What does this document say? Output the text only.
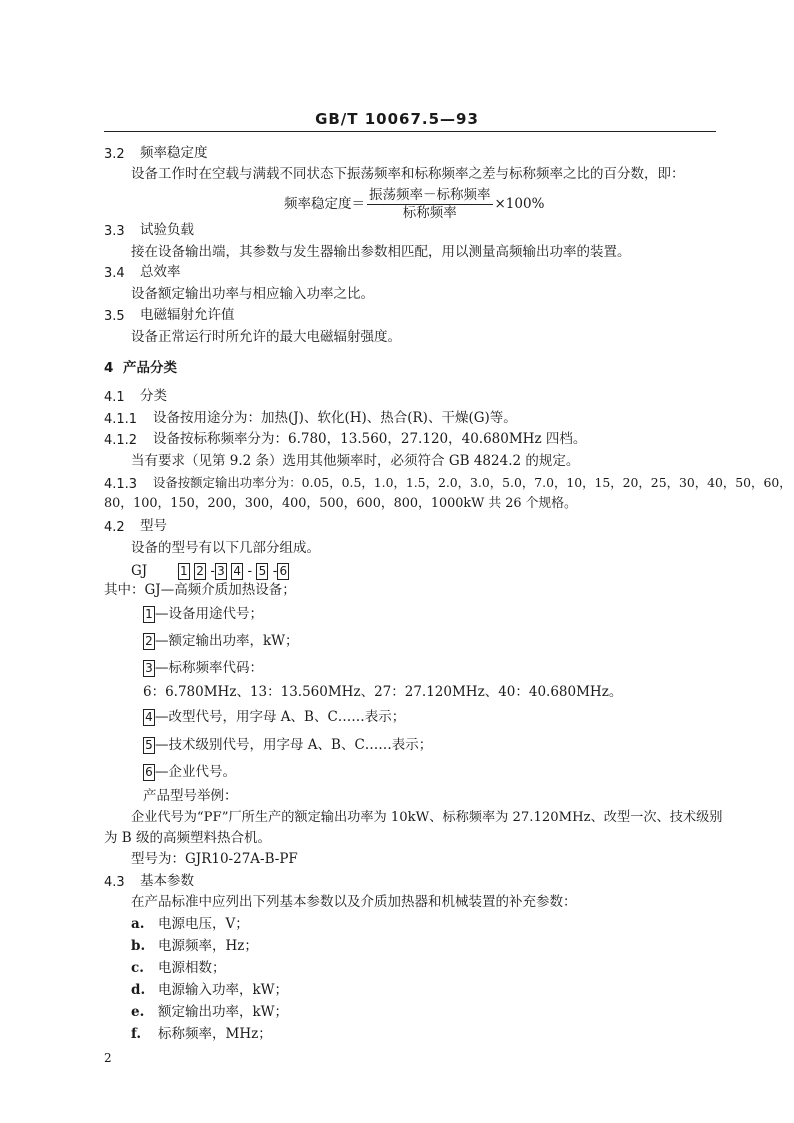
GB/T 10067.5—93
3.2 频率稳定度
设备工作时在空载与满载不同状态下振荡频率和标称频率之差与标称频率之比的百分数，即：
频率稳定度＝ $\frac{\text{振荡频率－标称频率}}{\text{标称频率}} \times 100\%$
3.3 试验负载
接在设备输出端，其参数与发生器输出参数相匹配，用以测量高频输出功率的装置。
3.4 总效率
设备额定输出功率与相应输入功率之比。
3.5 电磁辐射允许值
设备正常运行时所允许的最大电磁辐射强度。
4 产品分类
4.1 分类
4.1.1 设备按用途分为：加热(J)、软化(H)、热合(R)、干燥(G)等。
4.1.2 设备按标称频率分为：6.780，13.560，27.120，40.680MHz 四档。
当有要求（见第 9.2 条）选用其他频率时，必须符合 GB 4824.2 的规定。
4.1.3 设备按额定输出功率分为：0.05，0.5，1.0，1.5，2.0，3.0，5.0，7.0，10，15，20，25，30，40，50，60，
80，100，150，200，300，400，500，600，800，1000kW 共 26 个规格。
4.2 型号
设备的型号有以下几部分组成。
GJ	1 2 - 3 4 - 5 - 6
其中：GJ—高频介质加热设备；
1 —设备用途代号；
2 —额定输出功率，kW；
3 —标称频率代码：
6：6.780MHz、13：13.560MHz、27：27.120MHz、40：40.680MHz。
4 —改型代号，用字母 A、B、C……表示；
5 —技术级别代号，用字母 A、B、C……表示；
6 —企业代号。
产品型号举例：
企业代号为“PF”厂所生产的额定输出功率为 10kW、标称频率为 27.120MHz、改型一次、技术级别
为 B 级的高频塑料热合机。
型号为：GJR10-27A-B-PF
4.3 基本参数
在产品标准中应列出下列基本参数以及介质加热器和机械装置的补充参数：
a. 电源电压，V；
b. 电源频率，Hz；
c. 电源相数；
d. 电源输入功率，kW；
e. 额定输出功率，kW；
f. 标称频率，MHz；
2
